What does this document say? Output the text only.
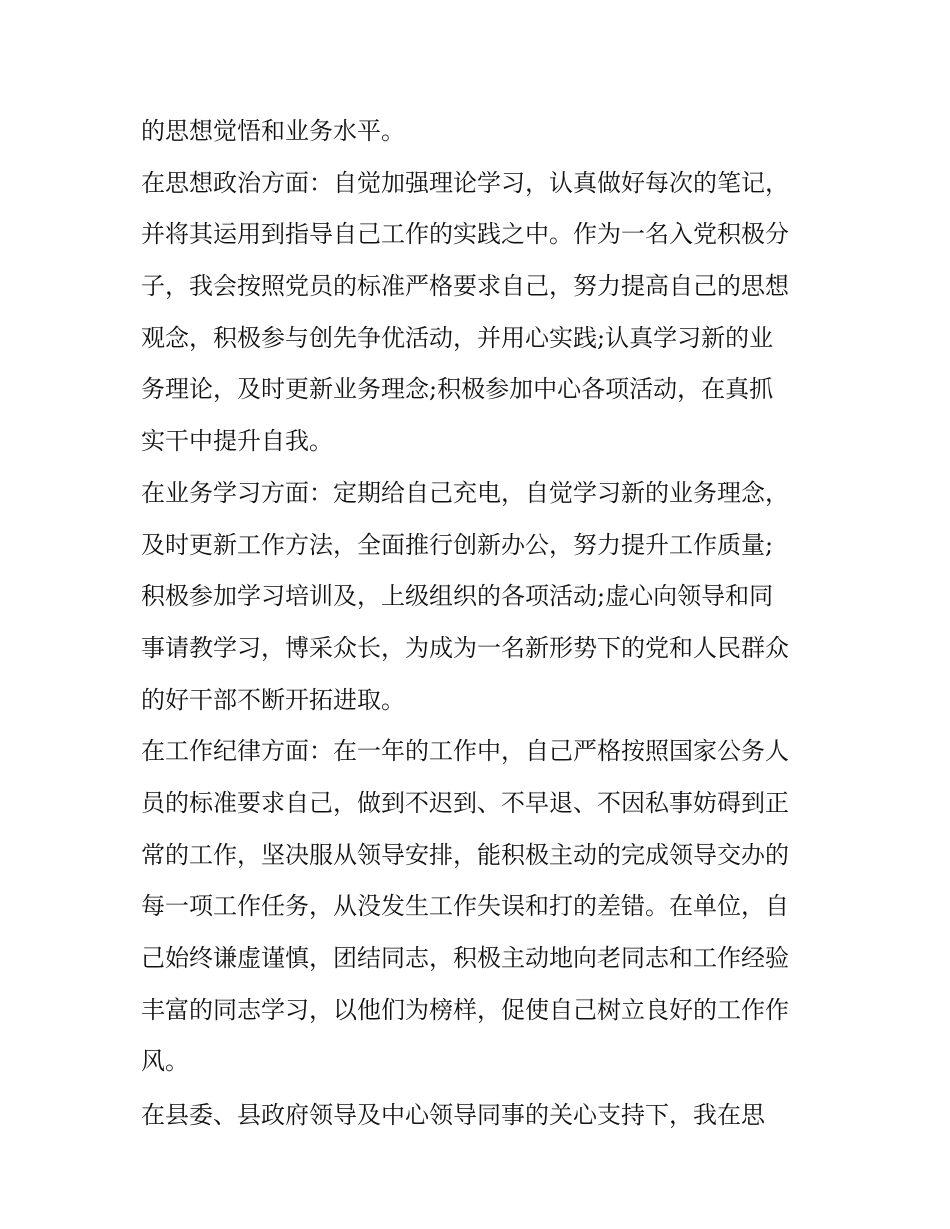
的思想觉悟和业务水平。
在思想政治方面：自觉加强理论学习，认真做好每次的笔记，
并将其运用到指导自己工作的实践之中。作为一名入党积极分
子，我会按照党员的标准严格要求自己，努力提高自己的思想
观念，积极参与创先争优活动，并用心实践;认真学习新的业
务理论，及时更新业务理念;积极参加中心各项活动，在真抓
实干中提升自我。
在业务学习方面：定期给自己充电，自觉学习新的业务理念，
及时更新工作方法，全面推行创新办公，努力提升工作质量;
积极参加学习培训及，上级组织的各项活动;虚心向领导和同
事请教学习，博采众长，为成为一名新形势下的党和人民群众
的好干部不断开拓进取。
在工作纪律方面：在一年的工作中，自己严格按照国家公务人
员的标准要求自己，做到不迟到、不早退、不因私事妨碍到正
常的工作，坚决服从领导安排，能积极主动的完成领导交办的
每一项工作任务，从没发生工作失误和打的差错。在单位，自
己始终谦虚谨慎，团结同志，积极主动地向老同志和工作经验
丰富的同志学习，以他们为榜样，促使自己树立良好的工作作
风。
在县委、县政府领导及中心领导同事的关心支持下，我在思
